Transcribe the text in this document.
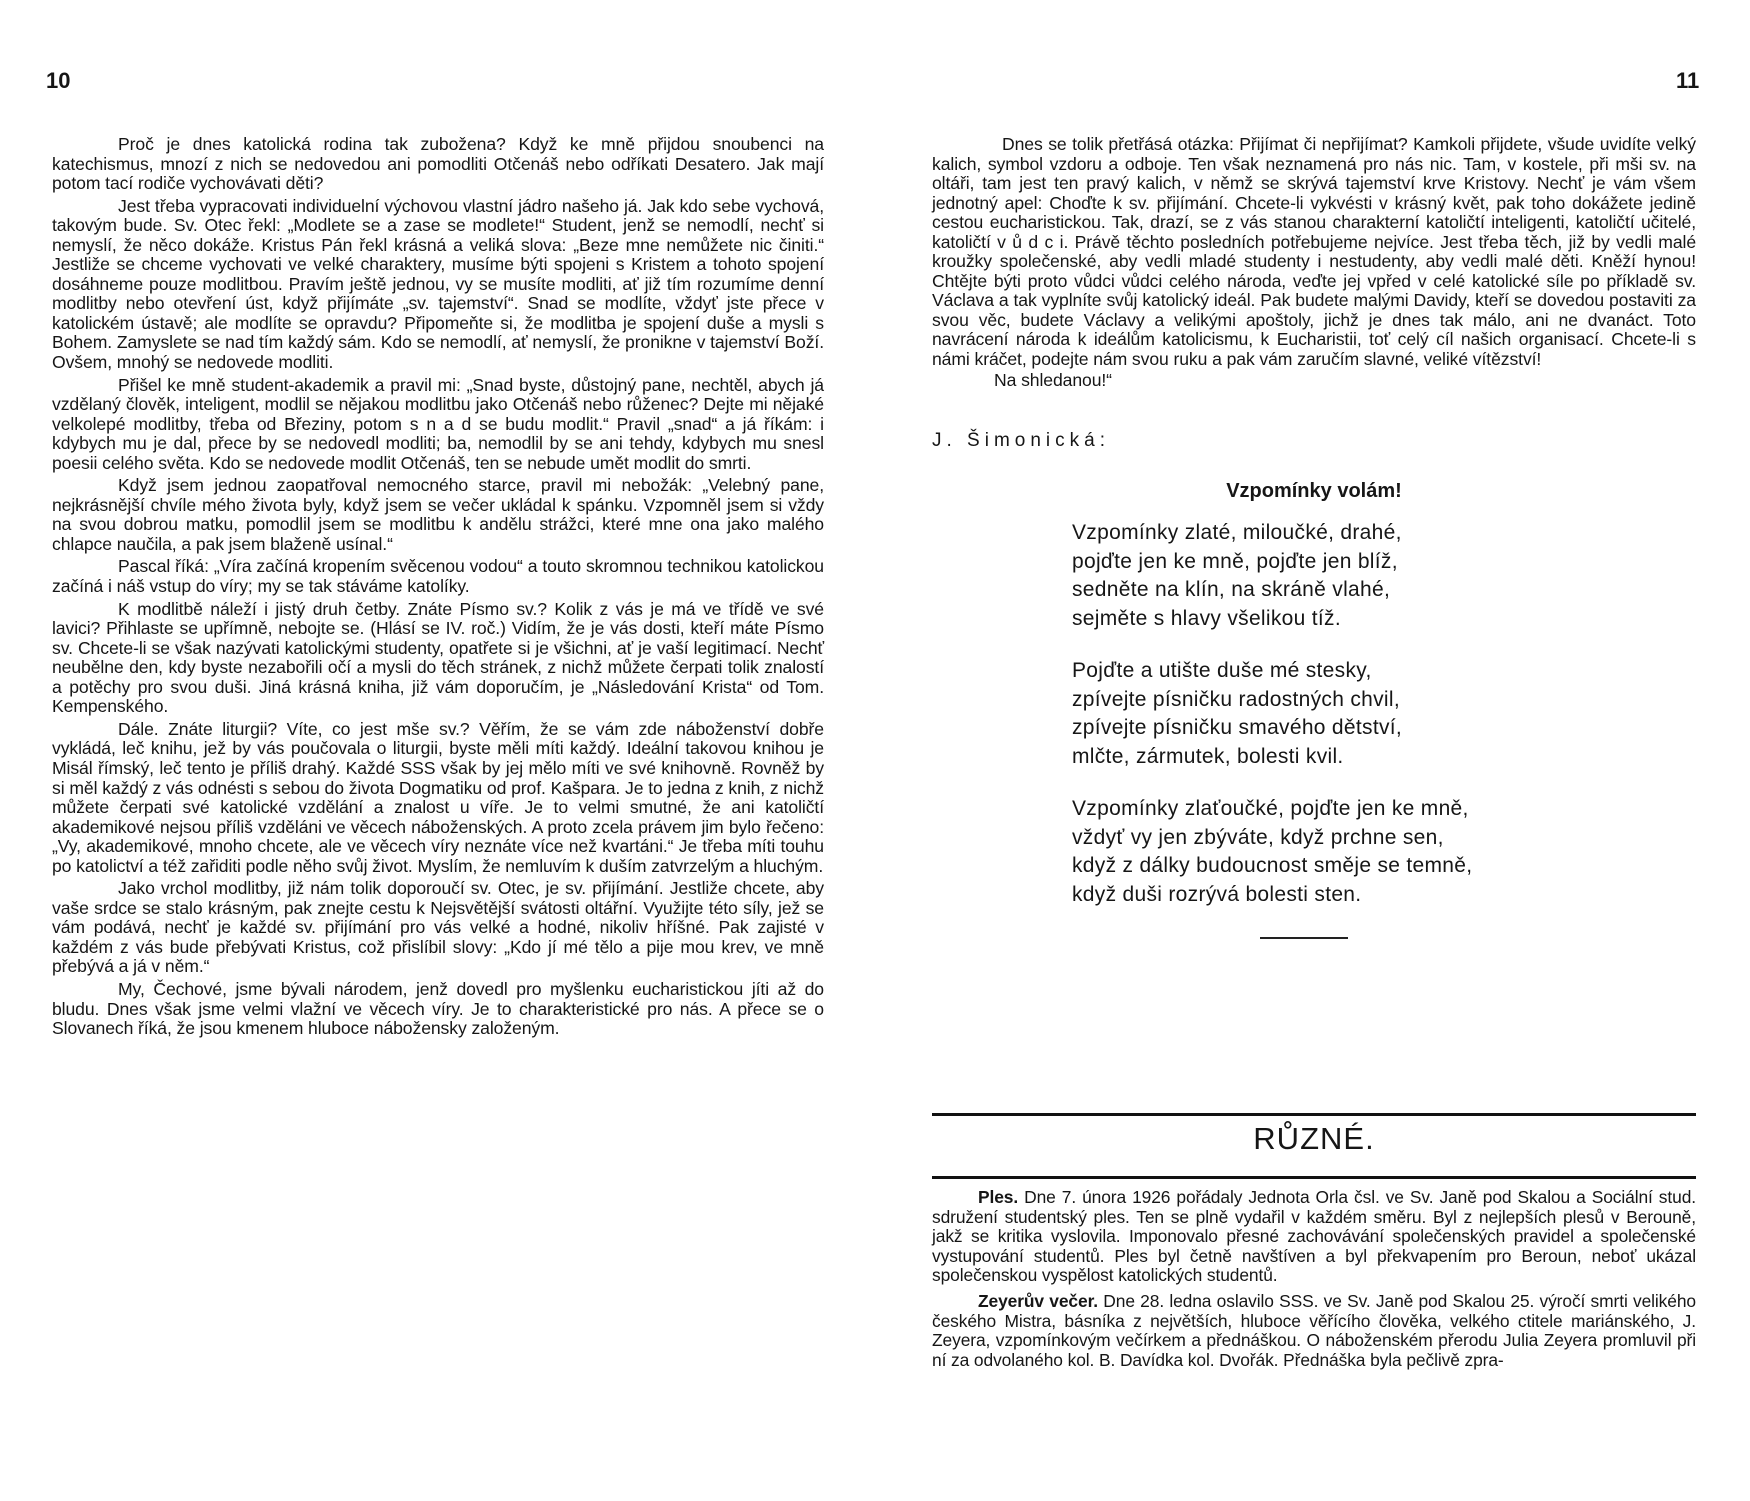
10	11

Proč je dnes katolická rodina tak zubožena? Když ke mně přijdou snoubenci na katechismus, mnozí z nich se nedovedou ani pomodliti Otčenáš nebo odříkati Desatero. Jak mají potom tací rodiče vychovávati děti?

Jest třeba vypracovati individuelní výchovou vlastní jádro našeho já. Jak kdo sebe vychová, takovým bude. Sv. Otec řekl: „Modlete se a zase se modlete!“ Student, jenž se nemodlí, nechť si nemyslí, že něco dokáže. Kristus Pán řekl krásná a veliká slova: „Beze mne nemůžete nic činiti.“ Jestliže se chceme vychovati ve velké charaktery, musíme býti spojeni s Kristem a tohoto spojení dosáhneme pouze modlitbou. Pravím ještě jednou, vy se musíte modliti, ať již tím rozumíme denní modlitby nebo otevření úst, když přijímáte „sv. tajemství“. Snad se modlíte, vždyť jste přece v katolickém ústavě; ale modlíte se opravdu? Připomeňte si, že modlitba je spojení duše a mysli s Bohem. Zamyslete se nad tím každý sám. Kdo se nemodlí, ať nemyslí, že pronikne v tajemství Boží. Ovšem, mnohý se nedovede modliti.

Přišel ke mně student-akademik a pravil mi: „Snad byste, důstojný pane, nechtěl, abych já vzdělaný člověk, inteligent, modlil se nějakou modlitbu jako Otčenáš nebo růženec? Dejte mi nějaké velkolepé modlitby, třeba od Březiny, potom s n a d se budu modlit.“ Pravil „snad“ a já říkám: i kdybych mu je dal, přece by se nedovedl modliti; ba, nemodlil by se ani tehdy, kdybych mu snesl poesii celého světa. Kdo se nedovede modlit Otčenáš, ten se nebude umět modlit do smrti.

Když jsem jednou zaopatřoval nemocného starce, pravil mi nebožák: „Velebný pane, nejkrásnější chvíle mého života byly, když jsem se večer ukládal k spánku. Vzpomněl jsem si vždy na svou dobrou matku, pomodlil jsem se modlitbu k andělu strážci, které mne ona jako malého chlapce naučila, a pak jsem blaženě usínal.“

Pascal říká: „Víra začíná kropením svěcenou vodou“ a touto skromnou technikou katolickou začíná i náš vstup do víry; my se tak stáváme katolíky.

K modlitbě náleží i jistý druh četby. Znáte Písmo sv.? Kolik z vás je má ve třídě ve své lavici? Přihlaste se upřímně, nebojte se. (Hlásí se IV. roč.) Vidím, že je vás dosti, kteří máte Písmo sv. Chcete-li se však nazývati katolickými studenty, opatřete si je všichni, ať je vaší legitimací. Nechť neubělne den, kdy byste nezabořili očí a mysli do těch stránek, z nichž můžete čerpati tolik znalostí a potěchy pro svou duši. Jiná krásná kniha, již vám doporučím, je „Následování Krista“ od Tom. Kempenského.

Dále. Znáte liturgii? Víte, co jest mše sv.? Věřím, že se vám zde náboženství dobře vykládá, leč knihu, jež by vás poučovala o liturgii, byste měli míti každý. Ideální takovou knihou je Misál římský, leč tento je příliš drahý. Každé SSS však by jej mělo míti ve své knihovně. Rovněž by si měl každý z vás odnésti s sebou do života Dogmatiku od prof. Kašpara. Je to jedna z knih, z nichž můžete čerpati své katolické vzdělání a znalost u víře. Je to velmi smutné, že ani katoličtí akademikové nejsou příliš vzděláni ve věcech náboženských. A proto zcela právem jim bylo řečeno: „Vy, akademikové, mnoho chcete, ale ve věcech víry neznáte více než kvartáni.“ Je třeba míti touhu po katolictví a též zařiditi podle něho svůj život. Myslím, že nemluvím k duším zatvrzelým a hluchým.

Jako vrchol modlitby, již nám tolik doporoučí sv. Otec, je sv. přijímání. Jestliže chcete, aby vaše srdce se stalo krásným, pak znejte cestu k Nejsvětější svátosti oltářní. Využijte této síly, jež se vám podává, nechť je každé sv. přijímání pro vás velké a hodné, nikoliv hříšné. Pak zajisté v každém z vás bude přebývati Kristus, což přislíbil slovy: „Kdo jí mé tělo a pije mou krev, ve mně přebývá a já v něm.“

My, Čechové, jsme bývali národem, jenž dovedl pro myšlenku eucharistickou jíti až do bludu. Dnes však jsme velmi vlažní ve věcech víry. Je to charakteristické pro nás. A přece se o Slovanech říká, že jsou kmenem hluboce nábožensky založeným.

Dnes se tolik přetřásá otázka: Přijímat či nepřijímat? Kamkoli přijdete, všude uvidíte velký kalich, symbol vzdoru a odboje. Ten však neznamená pro nás nic. Tam, v kostele, při mši sv. na oltáři, tam jest ten pravý kalich, v němž se skrývá tajemství krve Kristovy. Nechť je vám všem jednotný apel: Choďte k sv. přijímání. Chcete-li vykvésti v krásný květ, pak toho dokážete jedině cestou eucharistickou. Tak, drazí, se z vás stanou charakterní katoličtí inteligenti, katoličtí učitelé, katoličtí v ů d c i. Právě těchto posledních potřebujeme nejvíce. Jest třeba těch, již by vedli malé kroužky společenské, aby vedli mladé studenty i nestudenty, aby vedli malé děti. Kněží hynou! Chtějte býti proto vůdci vůdci celého národa, veďte jej vpřed v celé katolické síle po příkladě sv. Václava a tak vyplníte svůj katolický ideál. Pak budete malými Davidy, kteří se dovedou postaviti za svou věc, budete Václavy a velikými apoštoly, jichž je dnes tak málo, ani ne dvanáct. Toto navrácení národa k ideálům katolicismu, k Eucharistii, toť celý cíl našich organisací. Chcete-li s námi kráčet, podejte nám svou ruku a pak vám zaručím slavné, veliké vítězství!

Na shledanou!“

J. Šimonická:
Vzpomínky volám!
Vzpomínky zlaté, miloučké, drahé,
pojďte jen ke mně, pojďte jen blíž,
sedněte na klín, na skráně vlahé,
sejměte s hlavy všelikou tíž.
Pojďte a utište duše mé stesky,
zpívejte písničku radostných chvil,
zpívejte písničku smavého dětství,
mlčte, zármutek, bolesti kvil.
Vzpomínky zlaťoučké, pojďte jen ke mně,
vždyť vy jen zbýváte, když prchne sen,
když z dálky budoucnost směje se temně,
když duši rozrývá bolesti sten.
RŮZNÉ.

Ples. Dne 7. února 1926 pořádaly Jednota Orla čsl. ve Sv. Janě pod Skalou a Sociální stud. sdružení studentský ples. Ten se plně vydařil v každém směru. Byl z nejlepších plesů v Berouně, jakž se kritika vyslovila. Imponovalo přesné zachovávání společenských pravidel a společenské vystupování studentů. Ples byl četně navštíven a byl překvapením pro Beroun, neboť ukázal společenskou vyspělost katolických studentů.

Zeyerův večer. Dne 28. ledna oslavilo SSS. ve Sv. Janě pod Skalou 25. výročí smrti velikého českého Mistra, básníka z největších, hluboce věřícího člověka, velkého ctitele mariánského, J. Zeyera, vzpomínkovým večírkem a přednáškou. O náboženském přerodu Julia Zeyera promluvil při ní za odvolaného kol. B. Davídka kol. Dvořák. Přednáška byla pečlivě zpra-
